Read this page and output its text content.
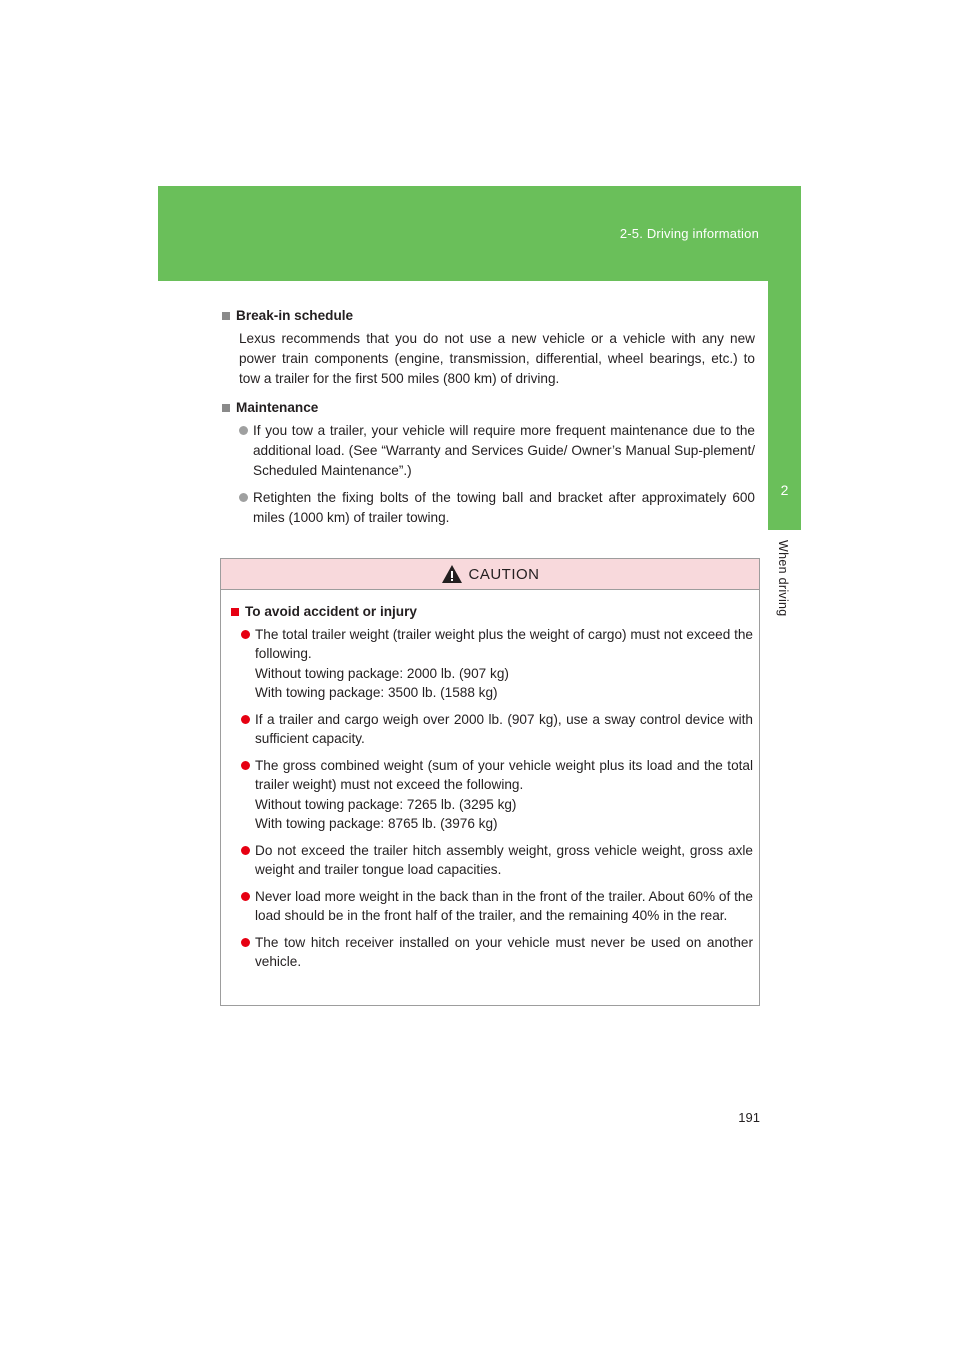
2-5. Driving information
2
When driving
Break-in schedule

Lexus recommends that you do not use a new vehicle or a vehicle with any new power train components (engine, transmission, differential, wheel bearings, etc.) to tow a trailer for the first 500 miles (800 km) of driving.

Maintenance
If you tow a trailer, your vehicle will require more frequent maintenance due to the additional load. (See “Warranty and Services Guide/ Owner’s Manual Sup-plement/ Scheduled Maintenance”.)
Retighten the fixing bolts of the towing ball and bracket after approximately 600 miles (1000 km) of trailer towing.
CAUTION
To avoid accident or injury
The total trailer weight (trailer weight plus the weight of cargo) must not exceed the following.
Without towing package: 2000 lb. (907 kg)
With towing package: 3500 lb. (1588 kg)
If a trailer and cargo weigh over 2000 lb. (907 kg), use a sway control device with sufficient capacity.
The gross combined weight (sum of your vehicle weight plus its load and the total trailer weight) must not exceed the following.
Without towing package: 7265 lb. (3295 kg)
With towing package: 8765 lb. (3976 kg)
Do not exceed the trailer hitch assembly weight, gross vehicle weight, gross axle weight and trailer tongue load capacities.
Never load more weight in the back than in the front of the trailer. About 60% of the load should be in the front half of the trailer, and the remaining 40% in the rear.
The tow hitch receiver installed on your vehicle must never be used on another vehicle.
191
